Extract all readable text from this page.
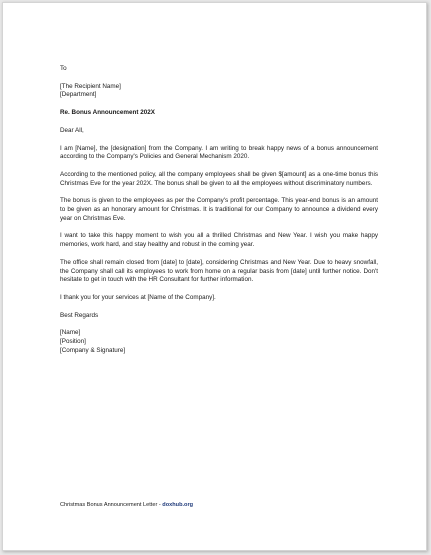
To

[The Recipient Name]

[Department]

Re. Bonus Announcement 202X

Dear All,

I am [Name], the [designation] from the Company. I am writing to break happy news of a bonus announcement according to the Company's Policies and General Mechanism 2020.

According to the mentioned policy, all the company employees shall be given $[amount] as a one-time bonus this Christmas Eve for the year 202X. The bonus shall be given to all the employees without discriminatory numbers.

The bonus is given to the employees as per the Company's profit percentage. This year-end bonus is an amount to be given as an honorary amount for Christmas. It is traditional for our Company to announce a dividend every year on Christmas Eve.

I want to take this happy moment to wish you all a thrilled Christmas and New Year. I wish you make happy memories, work hard, and stay healthy and robust in the coming year.

The office shall remain closed from [date] to [date], considering Christmas and New Year. Due to heavy snowfall, the Company shall call its employees to work from home on a regular basis from [date] until further notice. Don't hesitate to get in touch with the HR Consultant for further information.

I thank you for your services at [Name of the Company].

Best Regards

[Name]

[Position]

[Company & Signature]

Christmas Bonus Announcement Letter - doxhub.org
